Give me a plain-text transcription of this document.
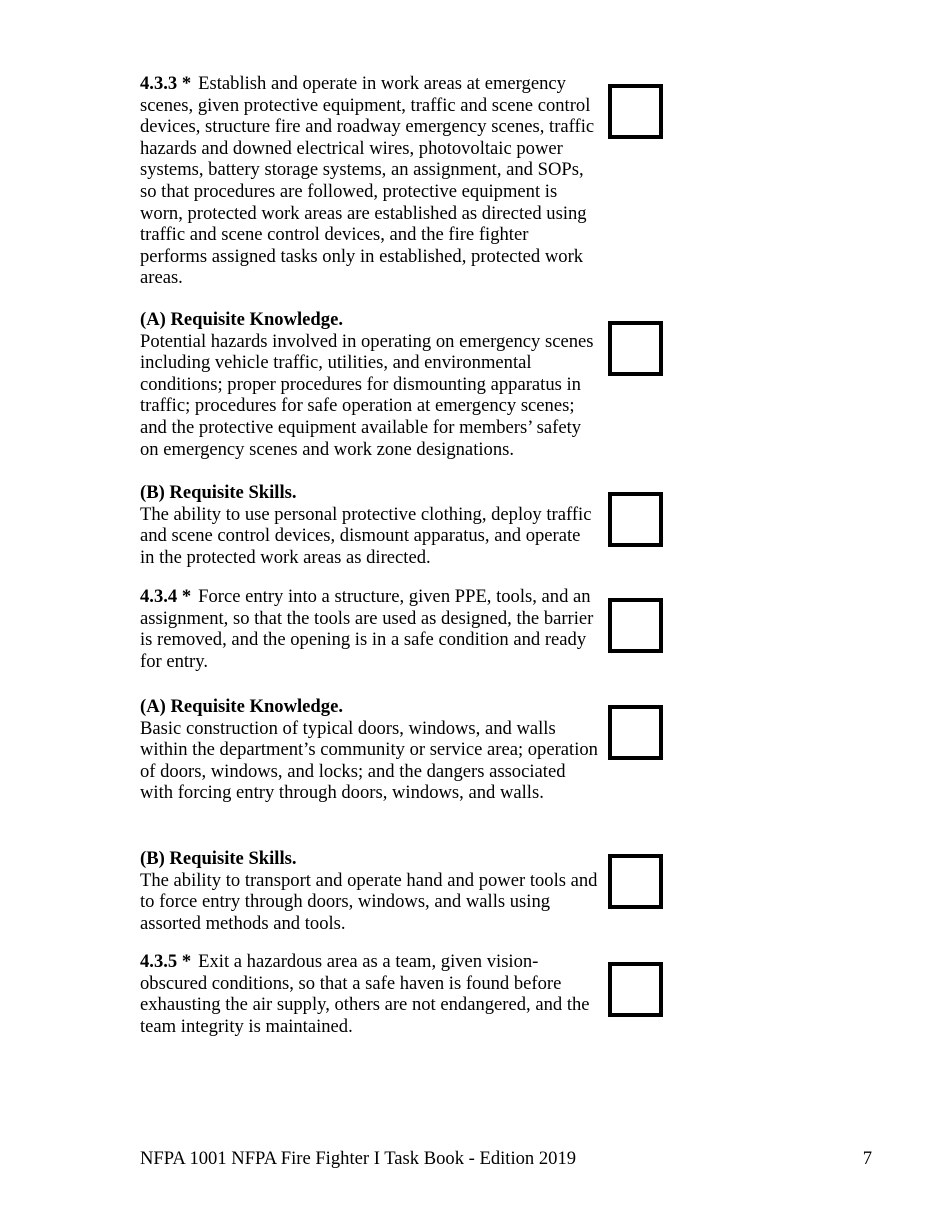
4.3.3 * Establish and operate in work areas at emergency scenes, given protective equipment, traffic and scene control devices, structure fire and roadway emergency scenes, traffic hazards and downed electrical wires, photovoltaic power systems, battery storage systems, an assignment, and SOPs, so that procedures are followed, protective equipment is worn, protected work areas are established as directed using traffic and scene control devices, and the fire fighter performs assigned tasks only in established, protected work areas.
(A) Requisite Knowledge.
Potential hazards involved in operating on emergency scenes including vehicle traffic, utilities, and environmental conditions; proper procedures for dismounting apparatus in traffic; procedures for safe operation at emergency scenes; and the protective equipment available for members’ safety on emergency scenes and work zone designations.
(B) Requisite Skills.
The ability to use personal protective clothing, deploy traffic and scene control devices, dismount apparatus, and operate in the protected work areas as directed.
4.3.4 * Force entry into a structure, given PPE, tools, and an assignment, so that the tools are used as designed, the barrier is removed, and the opening is in a safe condition and ready for entry.
(A) Requisite Knowledge.
Basic construction of typical doors, windows, and walls within the department’s community or service area; operation of doors, windows, and locks; and the dangers associated with forcing entry through doors, windows, and walls.
(B) Requisite Skills.
The ability to transport and operate hand and power tools and to force entry through doors, windows, and walls using assorted methods and tools.
4.3.5 * Exit a hazardous area as a team, given vision-obscured conditions, so that a safe haven is found before exhausting the air supply, others are not endangered, and the team integrity is maintained.
NFPA 1001 NFPA Fire Fighter I Task Book - Edition 2019	7
